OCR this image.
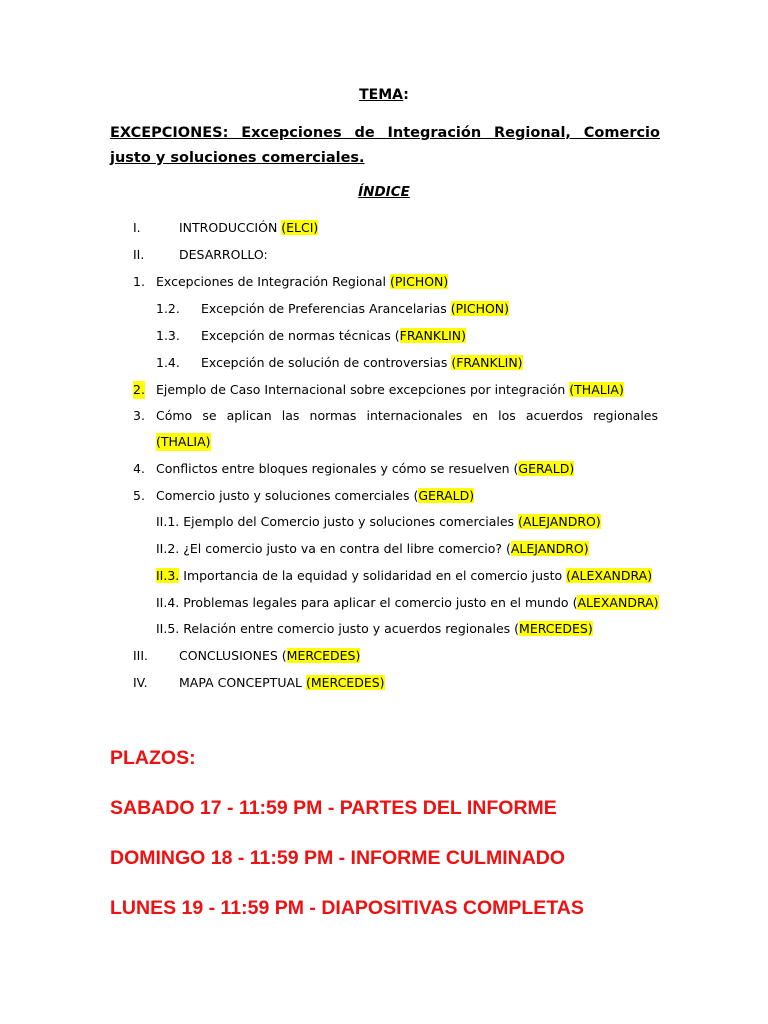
TEMA:
EXCEPCIONES: Excepciones de Integración Regional, Comercio justo y soluciones comerciales.
ÍNDICE
I.	INTRODUCCIÓN (ELCI)
II.	DESARROLLO:
1. Excepciones de Integración Regional (PICHON)
1.2. Excepción de Preferencias Arancelarias (PICHON)
1.3. Excepción de normas técnicas (FRANKLIN)
1.4. Excepción de solución de controversias (FRANKLIN)
2. Ejemplo de Caso Internacional sobre excepciones por integración (THALIA)
3. Cómo se aplican las normas internacionales en los acuerdos regionales
(THALIA)
4. Conflictos entre bloques regionales y cómo se resuelven (GERALD)
5. Comercio justo y soluciones comerciales (GERALD)
II.1. Ejemplo del Comercio justo y soluciones comerciales (ALEJANDRO)
II.2. ¿El comercio justo va en contra del libre comercio? (ALEJANDRO)
II.3. Importancia de la equidad y solidaridad en el comercio justo (ALEXANDRA)
II.4. Problemas legales para aplicar el comercio justo en el mundo (ALEXANDRA)
II.5. Relación entre comercio justo y acuerdos regionales (MERCEDES)
III. CONCLUSIONES (MERCEDES)
IV.	MAPA CONCEPTUAL (MERCEDES)
PLAZOS:
SABADO 17 - 11:59 PM - PARTES DEL INFORME
DOMINGO 18 - 11:59 PM - INFORME CULMINADO
LUNES 19 - 11:59 PM - DIAPOSITIVAS COMPLETAS
